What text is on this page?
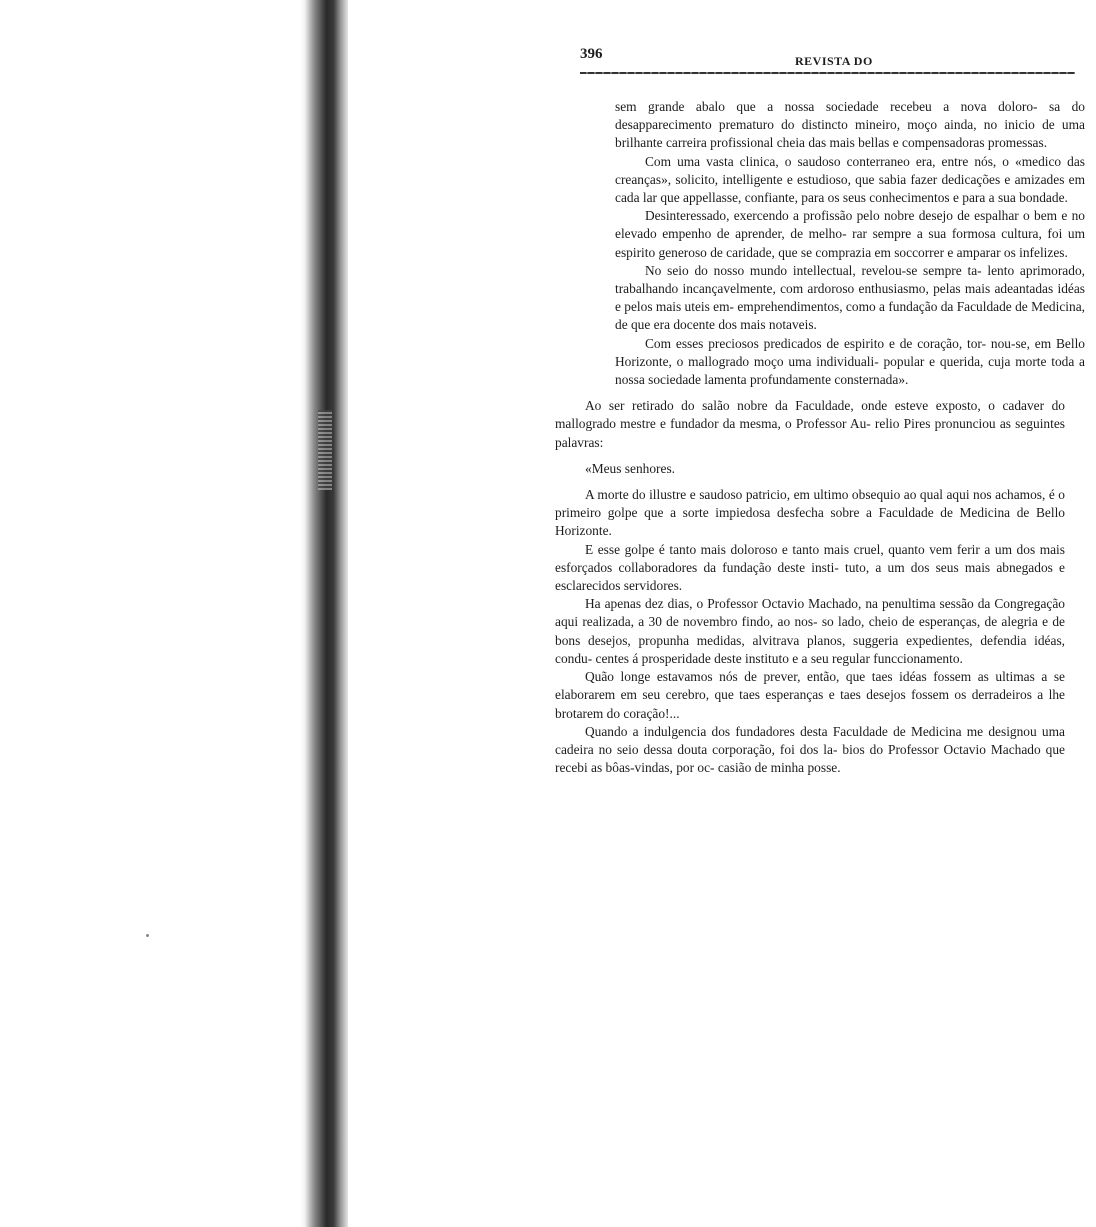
396	REVISTA DO

sem grande abalo que a nossa sociedade recebeu a nova doloro- sa do desapparecimento prematuro do distincto mineiro, moço ainda, no inicio de uma brilhante carreira profissional cheia das mais bellas e compensadoras promessas.

Com uma vasta clinica, o saudoso conterraneo era, entre nós, o «medico das creanças», solicito, intelligente e estudioso, que sabia fazer dedicações e amizades em cada lar que appellasse, confiante, para os seus conhecimentos e para a sua bondade.

Desinteressado, exercendo a profissão pelo nobre desejo de espalhar o bem e no elevado empenho de aprender, de melho- rar sempre a sua formosa cultura, foi um espirito generoso de caridade, que se comprazia em soccorrer e amparar os infelizes.

No seio do nosso mundo intellectual, revelou-se sempre ta- lento aprimorado, trabalhando incançavelmente, com ardoroso enthusiasmo, pelas mais adeantadas idéas e pelos mais uteis em- emprehendimentos, como a fundação da Faculdade de Medicina, de que era docente dos mais notaveis.

Com esses preciosos predicados de espirito e de coração, tor- nou-se, em Bello Horizonte, o mallogrado moço uma individuali- popular e querida, cuja morte toda a nossa sociedade lamenta profundamente consternada».

Ao ser retirado do salão nobre da Faculdade, onde esteve exposto, o cadaver do mallogrado mestre e fundador da mesma, o Professor Au- relio Pires pronunciou as seguintes palavras:

«Meus senhores.

A morte do illustre e saudoso patricio, em ultimo obsequio ao qual aqui nos achamos, é o primeiro golpe que a sorte impiedosa desfecha sobre a Faculdade de Medicina de Bello Horizonte.

E esse golpe é tanto mais doloroso e tanto mais cruel, quanto vem ferir a um dos mais esforçados collaboradores da fundação deste insti- tuto, a um dos seus mais abnegados e esclarecidos servidores.

Ha apenas dez dias, o Professor Octavio Machado, na penultima sessão da Congregação aqui realizada, a 30 de novembro findo, ao nos- so lado, cheio de esperanças, de alegria e de bons desejos, propunha medidas, alvitrava planos, suggeria expedientes, defendia idéas, condu- centes á prosperidade deste instituto e a seu regular funccionamento.

Quão longe estavamos nós de prever, então, que taes idéas fossem as ultimas a se elaborarem em seu cerebro, que taes esperanças e taes desejos fossem os derradeiros a lhe brotarem do coração!...

Quando a indulgencia dos fundadores desta Faculdade de Medicina me designou uma cadeira no seio dessa douta corporação, foi dos la- bios do Professor Octavio Machado que recebi as bôas-vindas, por oc- casião de minha posse.
